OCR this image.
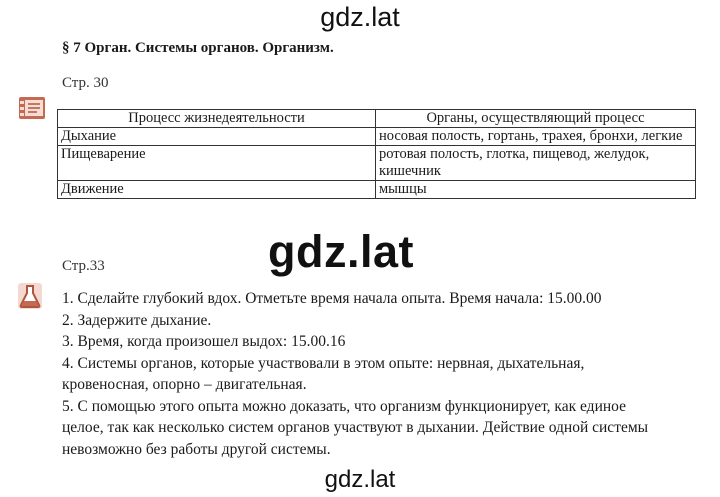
gdz.lat
§ 7 Орган. Системы органов. Организм.
Стр. 30
Процесс жизнедеятельности	Органы, осуществляющий процесс
Дыхание	носовая полость, гортань, трахея, бронхи, легкие
Пищеварение	ротовая полость, глотка, пищевод, желудок, кишечник
Движение	мышцы
gdz.lat
Стр.33
1. Сделайте глубокий вдох. Отметьте время начала опыта. Время начала: 15.00.00
2. Задержите дыхание.
3. Время, когда произошел выдох: 15.00.16
4. Системы органов, которые участвовали в этом опыте: нервная, дыхательная,
кровеносная, опорно – двигательная.
5. С помощью этого опыта можно доказать, что организм функционирует, как единое
целое, так как несколько систем органов участвуют в дыхании. Действие одной системы
невозможно без работы другой системы.
gdz.lat
